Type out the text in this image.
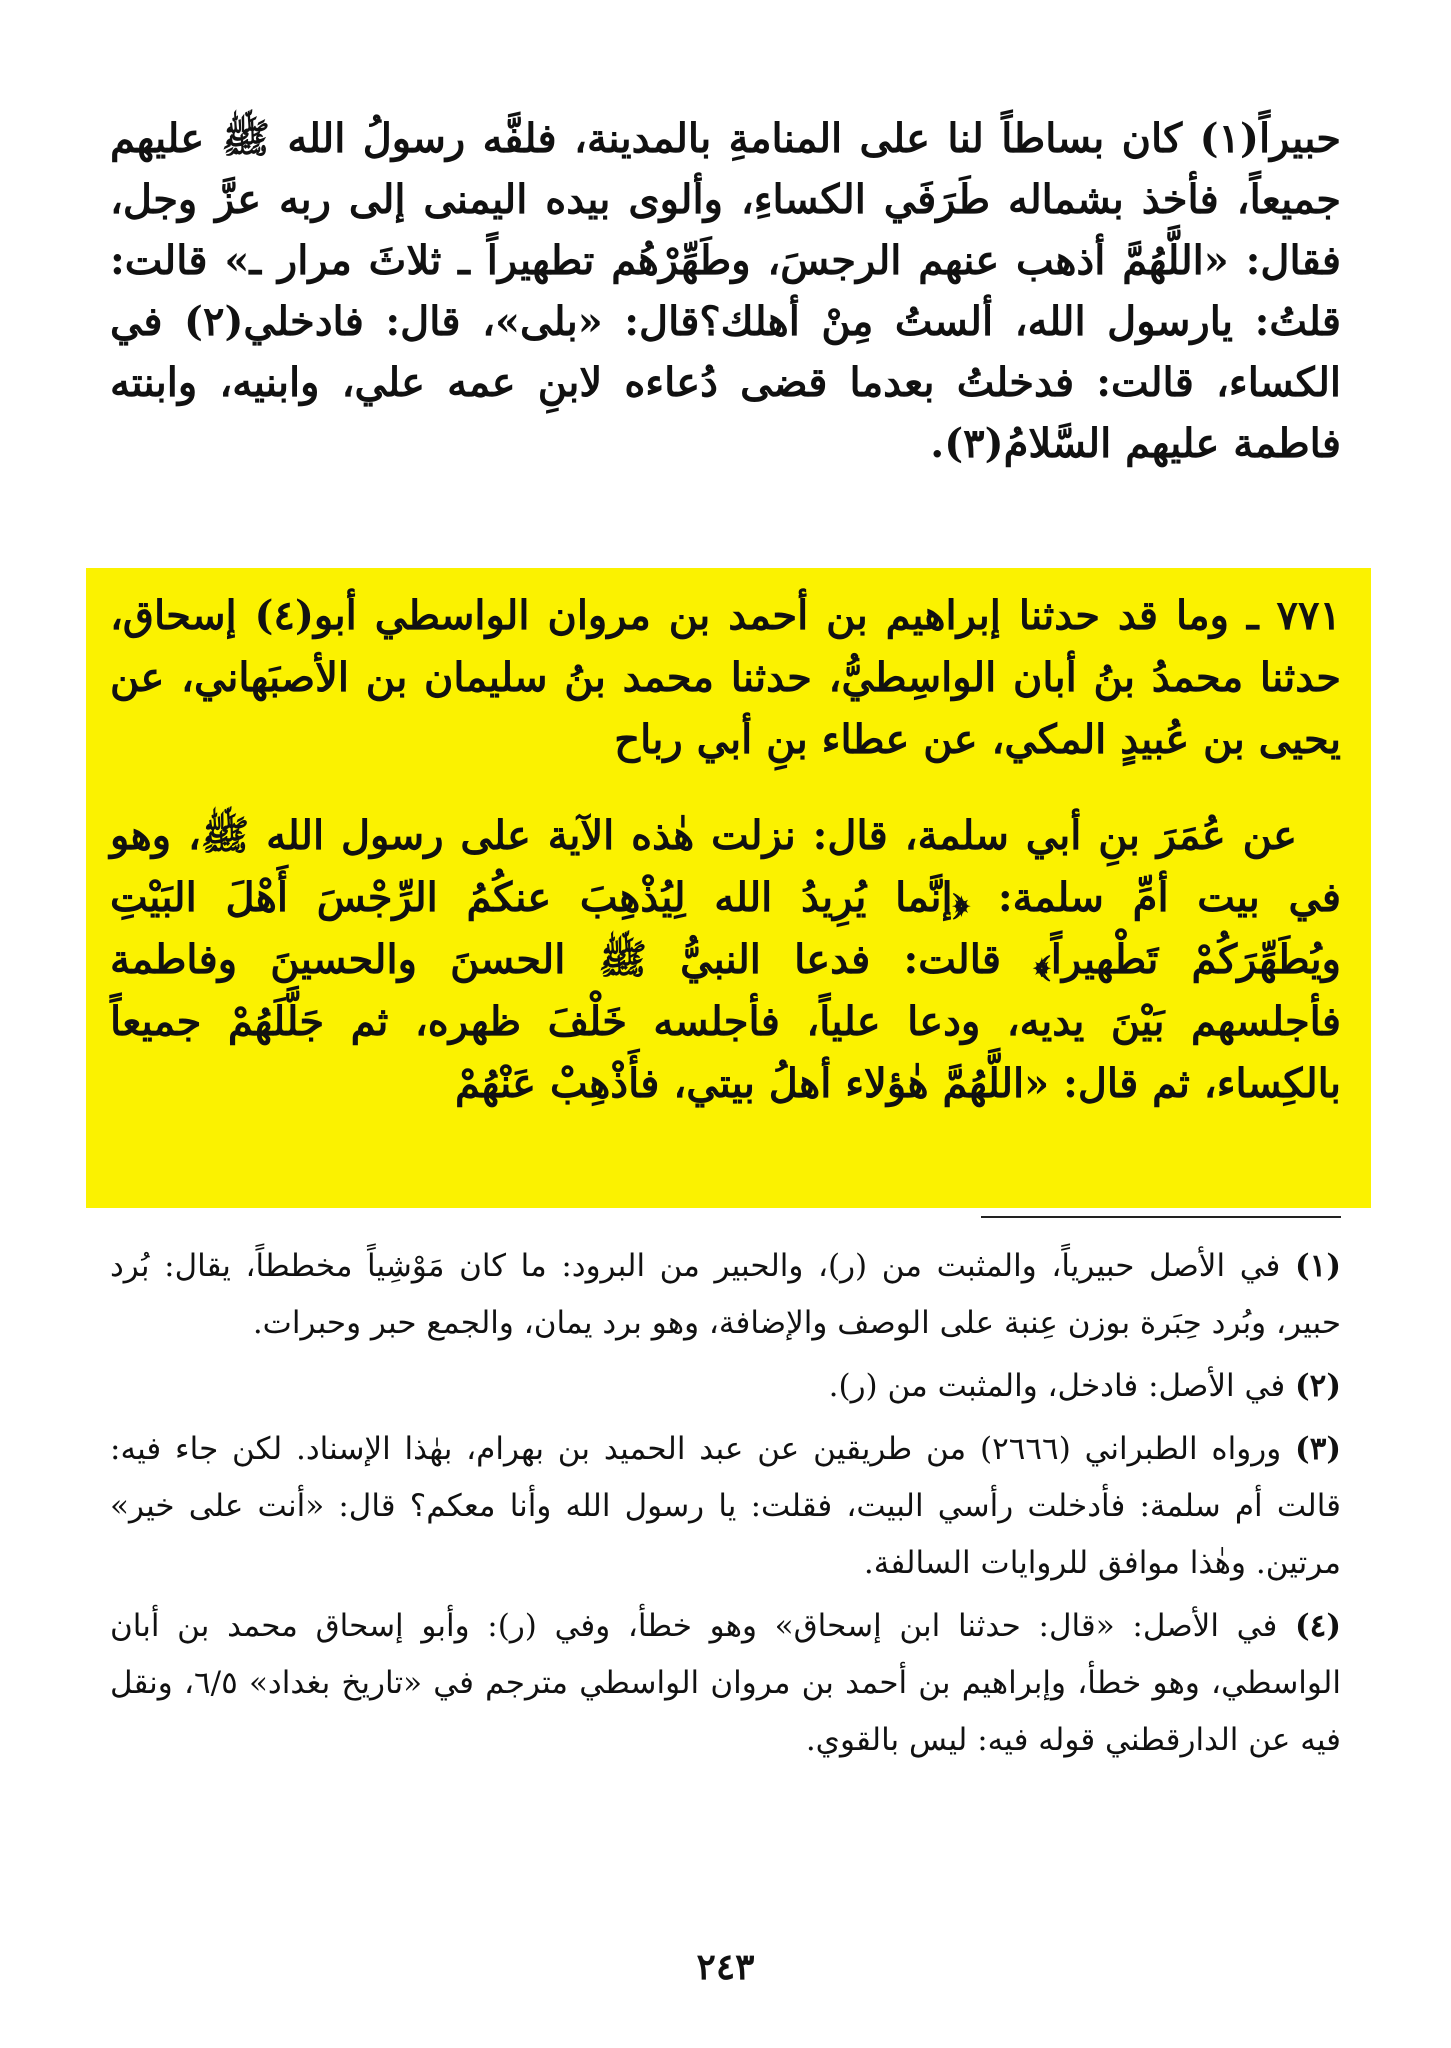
حبيراً(١) كان بساطاً لنا على المنامةِ بالمدينة، فلفَّه رسولُ الله ﷺ عليهم جميعاً، فأخذ بشماله طَرَفَي الكساءِ، وألوى بيده اليمنى إلى ربه عزَّ وجل، فقال: «اللَّهُمَّ أذهب عنهم الرجسَ، وطَهِّرْهُم تطهيراً ـ ثلاثَ مرار ـ» قالت: قلتُ: يارسول الله، ألستُ مِنْ أهلك؟قال: «بلى»، قال: فادخلي(٢) في الكساء، قالت: فدخلتُ بعدما قضى دُعاءه لابنِ عمه علي، وابنيه، وابنته فاطمة عليهم السَّلامُ(٣).

٧٧١ ـ وما قد حدثنا إبراهيم بن أحمد بن مروان الواسطي أبو(٤) إسحاق، حدثنا محمدُ بنُ أبان الواسِطيُّ، حدثنا محمد بنُ سليمان بن الأصبَهاني، عن يحيى بن عُبيدٍ المكي، عن عطاء بنِ أبي رباح

عن عُمَرَ بنِ أبي سلمة، قال: نزلت هٰذه الآية على رسول الله ﷺ، وهو في بيت أمِّ سلمة: ﴿إنَّما يُرِيدُ الله لِيُذْهِبَ عنكُمُ الرِّجْسَ أَهْلَ البَيْتِ ويُطَهِّرَكُمْ تَطْهيراً﴾ قالت: فدعا النبيُّ ﷺ الحسنَ والحسينَ وفاطمة فأجلسهم بَيْنَ يديه، ودعا علياً، فأجلسه خَلْفَ ظهره، ثم جَلَّلَهُمْ جميعاً بالكِساء، ثم قال: «اللَّهُمَّ هٰؤلاء أهلُ بيتي، فأَذْهِبْ عَنْهُمْ

(١) في الأصل حبيرياً، والمثبت من (ر)، والحبير من البرود: ما كان مَوْشِياً مخططاً، يقال: بُرد حبير، وبُرد حِبَرة بوزن عِنبة على الوصف والإضافة، وهو برد يمان، والجمع حبر وحبرات.

(٢) في الأصل: فادخل، والمثبت من (ر).

(٣) ورواه الطبراني (٢٦٦٦) من طريقين عن عبد الحميد بن بهرام، بهٰذا الإسناد. لكن جاء فيه: قالت أم سلمة: فأدخلت رأسي البيت، فقلت: يا رسول الله وأنا معكم؟ قال: «أنت على خير» مرتين. وهٰذا موافق للروايات السالفة.

(٤) في الأصل: «قال: حدثنا ابن إسحاق» وهو خطأ، وفي (ر): وأبو إسحاق محمد بن أبان الواسطي، وهو خطأ، وإبراهيم بن أحمد بن مروان الواسطي مترجم في «تاريخ بغداد» ٦/٥، ونقل فيه عن الدارقطني قوله فيه: ليس بالقوي.

٢٤٣
